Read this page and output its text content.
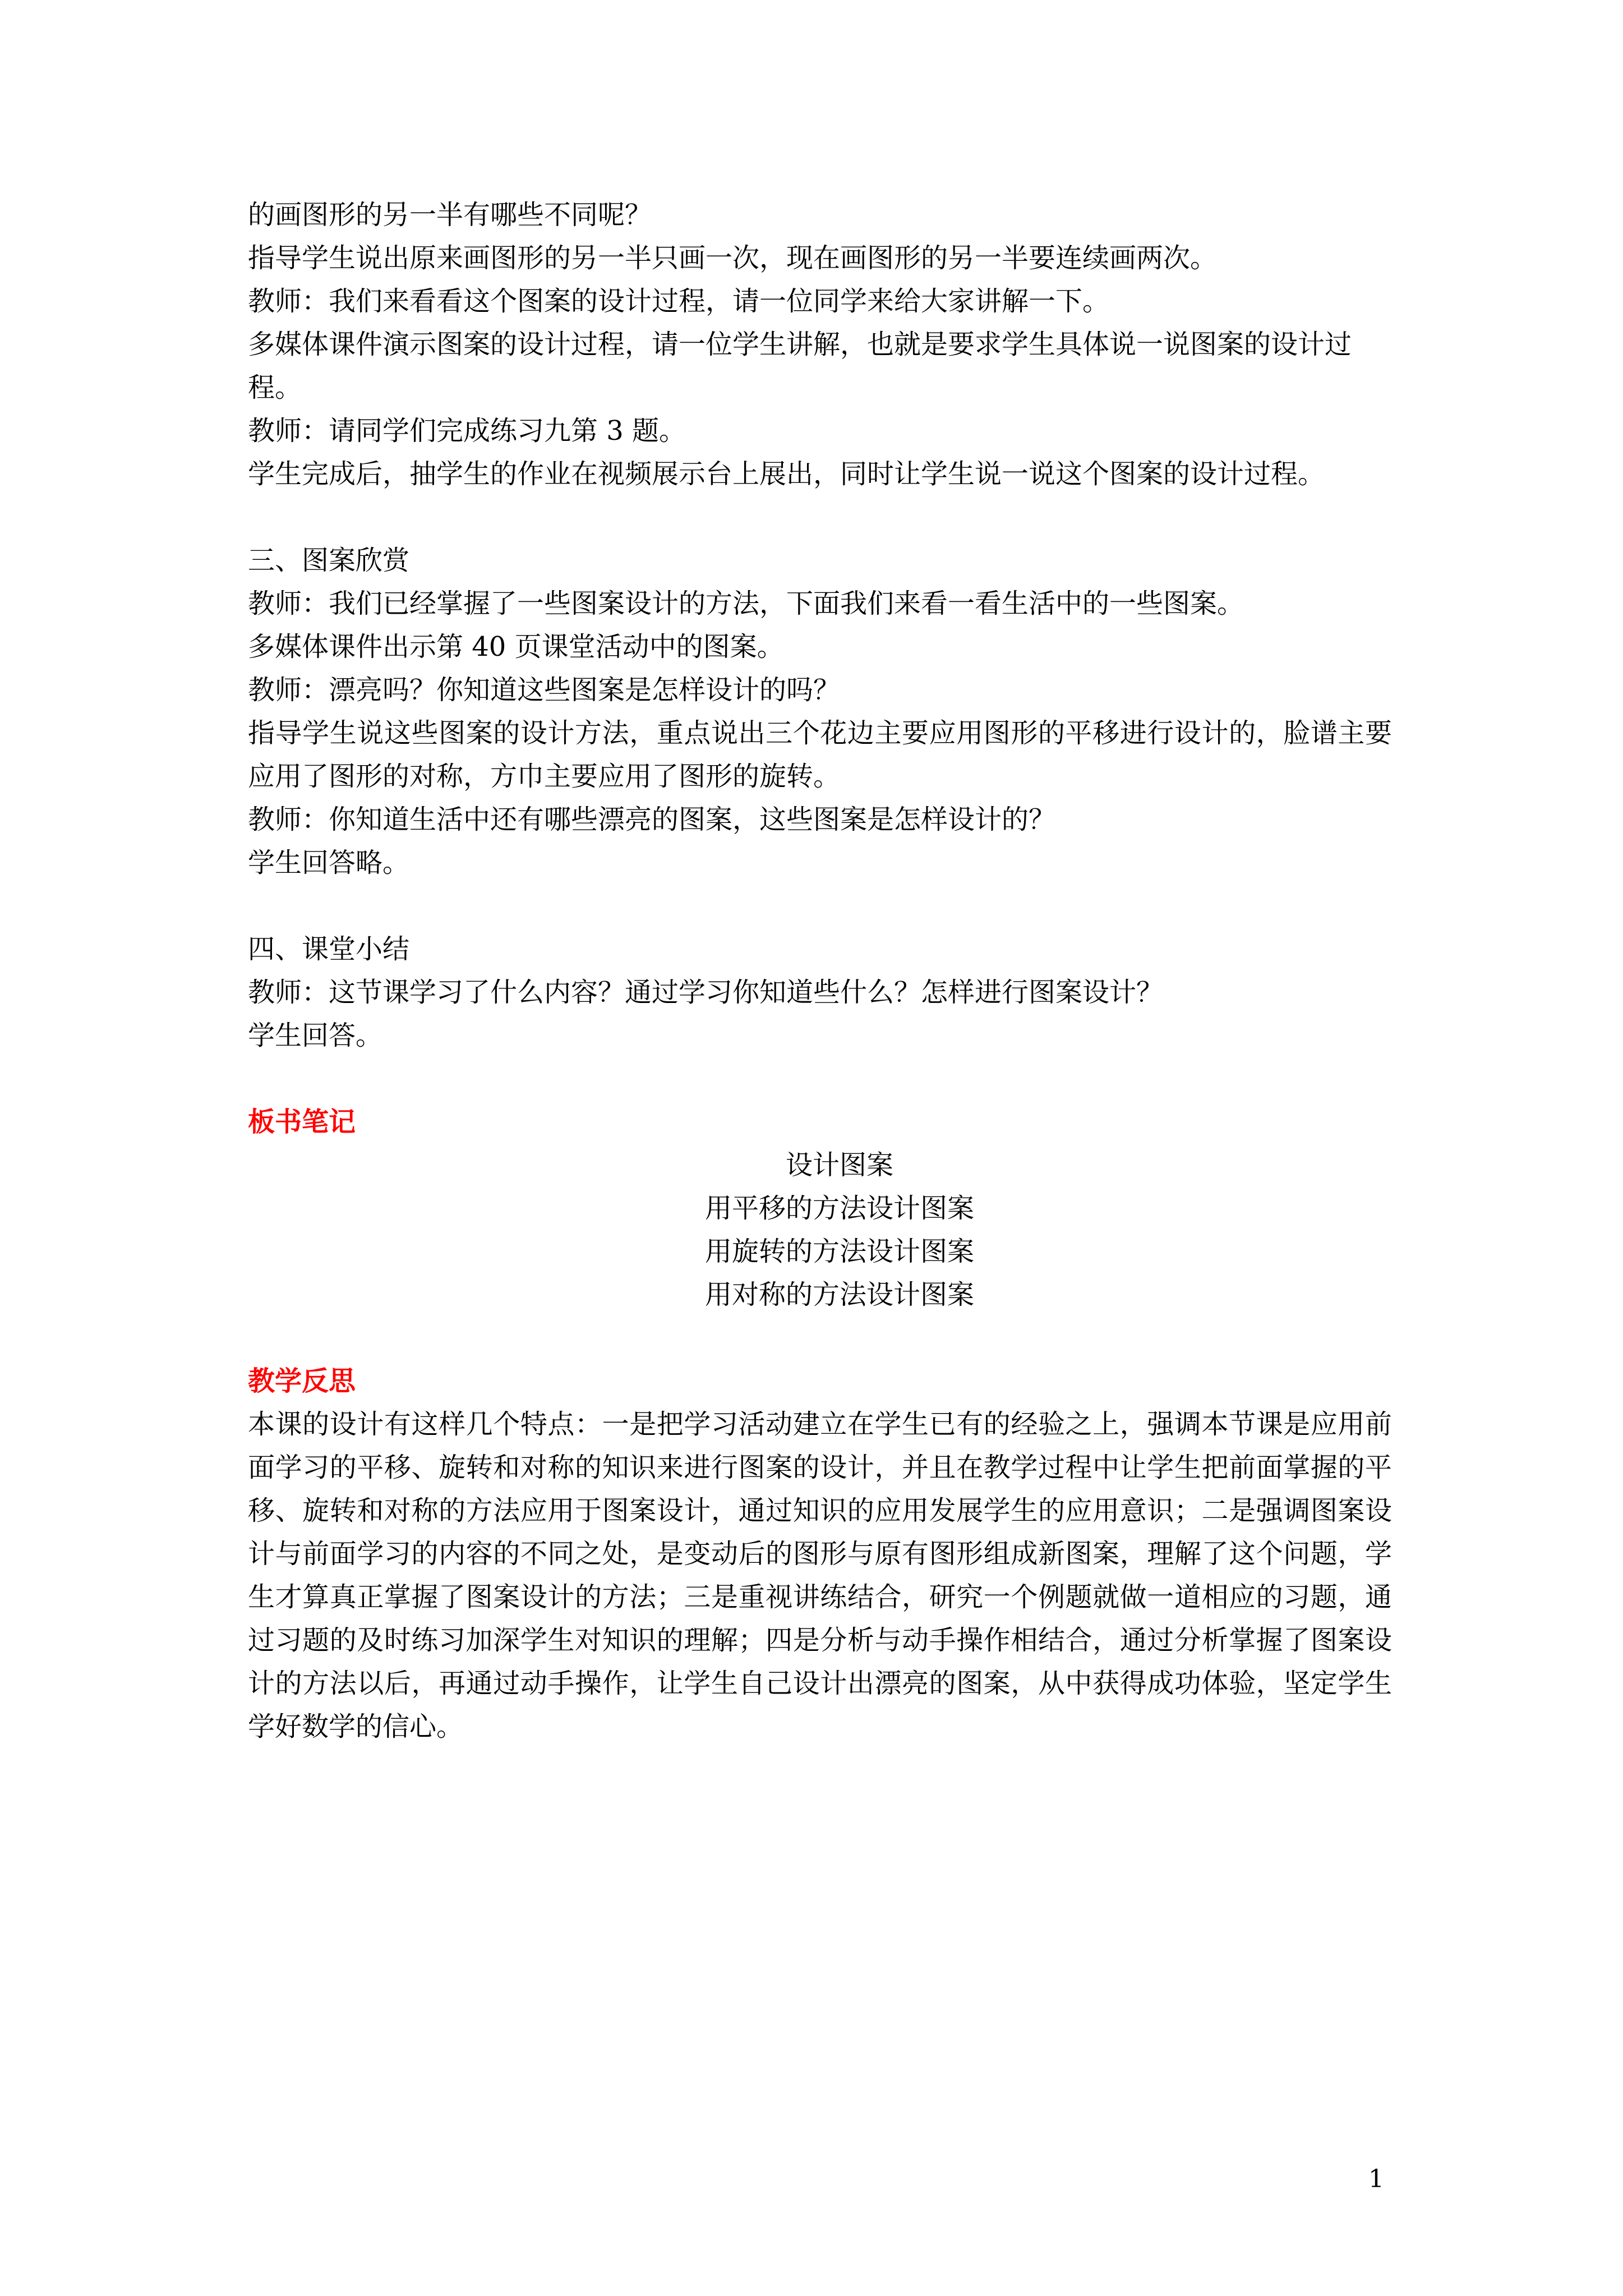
的画图形的另一半有哪些不同呢？

指导学生说出原来画图形的另一半只画一次，现在画图形的另一半要连续画两次。

教师：我们来看看这个图案的设计过程，请一位同学来给大家讲解一下。

多媒体课件演示图案的设计过程，请一位学生讲解，也就是要求学生具体说一说图案的设计过程。

教师：请同学们完成练习九第 3 题。

学生完成后，抽学生的作业在视频展示台上展出，同时让学生说一说这个图案的设计过程。

三、图案欣赏

教师：我们已经掌握了一些图案设计的方法，下面我们来看一看生活中的一些图案。

多媒体课件出示第 40 页课堂活动中的图案。

教师：漂亮吗？你知道这些图案是怎样设计的吗？

指导学生说这些图案的设计方法，重点说出三个花边主要应用图形的平移进行设计的，脸谱主要应用了图形的对称，方巾主要应用了图形的旋转。

教师：你知道生活中还有哪些漂亮的图案，这些图案是怎样设计的？

学生回答略。

四、课堂小结

教师：这节课学习了什么内容？通过学习你知道些什么？怎样进行图案设计？

学生回答。

板书笔记

设计图案

用平移的方法设计图案

用旋转的方法设计图案

用对称的方法设计图案

教学反思

本课的设计有这样几个特点：一是把学习活动建立在学生已有的经验之上，强调本节课是应用前面学习的平移、旋转和对称的知识来进行图案的设计，并且在教学过程中让学生把前面掌握的平移、旋转和对称的方法应用于图案设计，通过知识的应用发展学生的应用意识；二是强调图案设计与前面学习的内容的不同之处，是变动后的图形与原有图形组成新图案，理解了这个问题，学生才算真正掌握了图案设计的方法；三是重视讲练结合，研究一个例题就做一道相应的习题，通过习题的及时练习加深学生对知识的理解；四是分析与动手操作相结合，通过分析掌握了图案设计的方法以后，再通过动手操作，让学生自己设计出漂亮的图案，从中获得成功体验，坚定学生学好数学的信心。

1
